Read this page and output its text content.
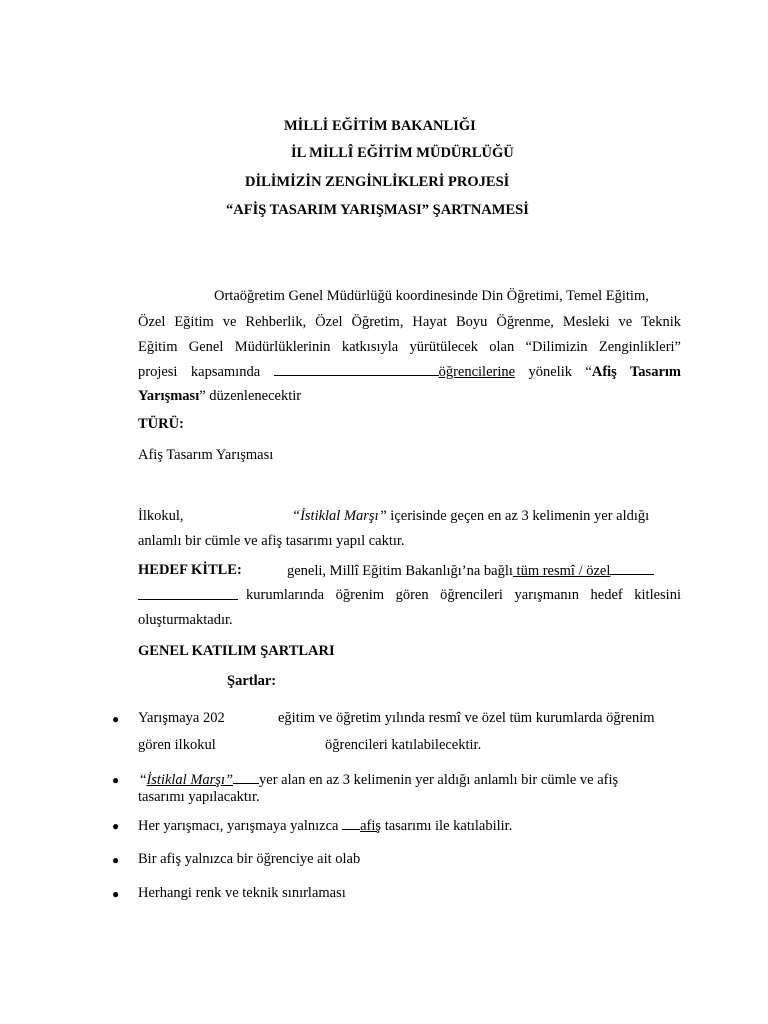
MİLLİ EĞİTİM BAKANLIĞI
İL MİLLÎ EĞİTİM MÜDÜRLÜĞÜ
DİLİMİZİN ZENGİNLİKLERİ PROJESİ
“AFİŞ TASARIM YARIŞMASI” ŞARTNAMESİ
Ortaöğretim Genel Müdürlüğü koordinesinde Din Öğretimi, Temel Eğitim,
Özel Eğitim ve Rehberlik, Özel Öğretim, Hayat Boyu Öğrenme, Mesleki ve Teknik
Eğitim Genel Müdürlüklerinin katkısıyla yürütülecek olan “Dilimizin Zenginlikleri”
projesi kapsamında	öğrencilerine yönelik “Afiş Tasarım
Yarışması” düzenlenecektir
TÜRÜ:
Afiş Tasarım Yarışması
İlkokul,	“İstiklal Marşı” içerisinde geçen en az 3 kelimenin yer aldığı
anlamlı bir cümle ve afiş tasarımı yapıl caktır.
HEDEF KİTLE:	geneli, Millî Eğitim Bakanlığı’na bağlı tüm resmî / özel
kurumlarında öğrenim gören öğrencileri yarışmanın hedef kitlesini
oluşturmaktadır.
GENEL KATILIM ŞARTLARI
Şartlar:
● Yarışmaya 202	eğitim ve öğretim yılında resmî ve özel tüm kurumlarda öğrenim
gören ilkokul	öğrencileri katılabilecektir.
● “İstiklal Marşı” yer alan en az 3 kelimenin yer aldığı anlamlı bir cümle ve afiş
tasarımı yapılacaktır.
● Her yarışmacı, yarışmaya yalnızca afiş tasarımı ile katılabilir.
● Bir afiş yalnızca bir öğrenciye ait olab
● Herhangi renk ve teknik sınırlaması
